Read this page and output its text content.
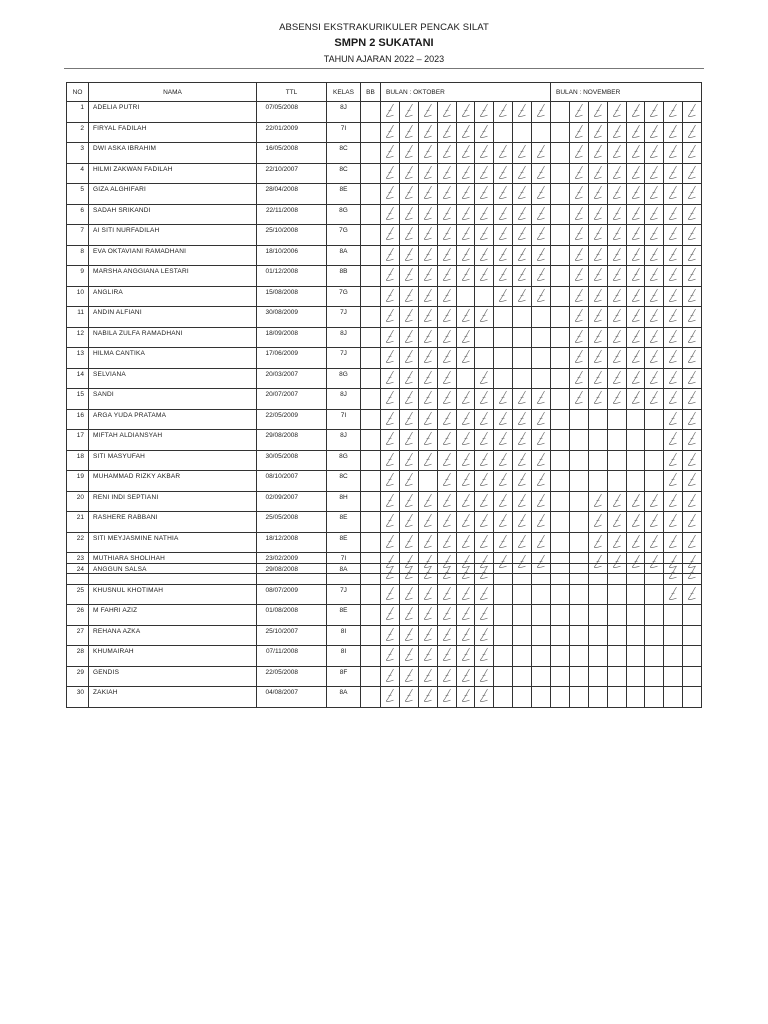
ABSENSI EKSTRAKURIKULER PENCAK SILAT
SMPN 2 SUKATANI
TAHUN AJARAN 2022 – 2023
NO	NAMA	TTL	KELAS	BB	BULAN : OKTOBER									BULAN : NOVEMBER							
1	ADELIA PUTRI	07/05/2008	8J		

2	FIRYAL FADILAH	22/01/2009	7I		

3	DWI ASKA IBRAHIM	16/05/2008	8C		

4	HILMI ZAKWAN FADILAH	22/10/2007	8C		

5	GIZA ALGHIFARI	28/04/2008	8E		

6	SADAH SRIKANDI	22/11/2008	8G		

7	AI SITI NURFADILAH	25/10/2008	7G		

8	EVA OKTAVIANI RAMADHANI	18/10/2006	8A		

9	MARSHA ANGGIANA LESTARI	01/12/2008	8B		

10	ANGLIRA	15/08/2008	7G		

11	ANDIN ALFIANI	30/08/2009	7J		

12	NABILA ZULFA RAMADHANI	18/09/2008	8J		

13	HILMA CANTIKA	17/06/2009	7J		

14	SELVIANA	20/03/2007	8G		

15	SANDI	20/07/2007	8J		

16	ARGA YUDA PRATAMA	22/05/2009	7I		

17	MIFTAH ALDIANSYAH	29/08/2008	8J		

18	SITI MASYUFAH	30/05/2008	8G		

19	MUHAMMAD RIZKY AKBAR	08/10/2007	8C		

20	RENI INDI SEPTIANI	02/09/2007	8H		

21	RASHERE RABBANI	25/05/2008	8E		

22	SITI MEYJASMINE NATHIA	18/12/2008	8E		

23	MUTHIARA SHOLIHAH	23/02/2009	7I		

24	ANGGUN SALSA	29/08/2008	8A		

25	KHUSNUL KHOTIMAH	08/07/2009	7J		

26	M FAHRI AZIZ	01/08/2008	8E		

27	REHANA AZKA	25/10/2007	8I		

28	KHUMAIRAH	07/11/2008	8I		

29	GENDIS	22/05/2008	8F		

30	ZAKIAH	04/08/2007	8A		
